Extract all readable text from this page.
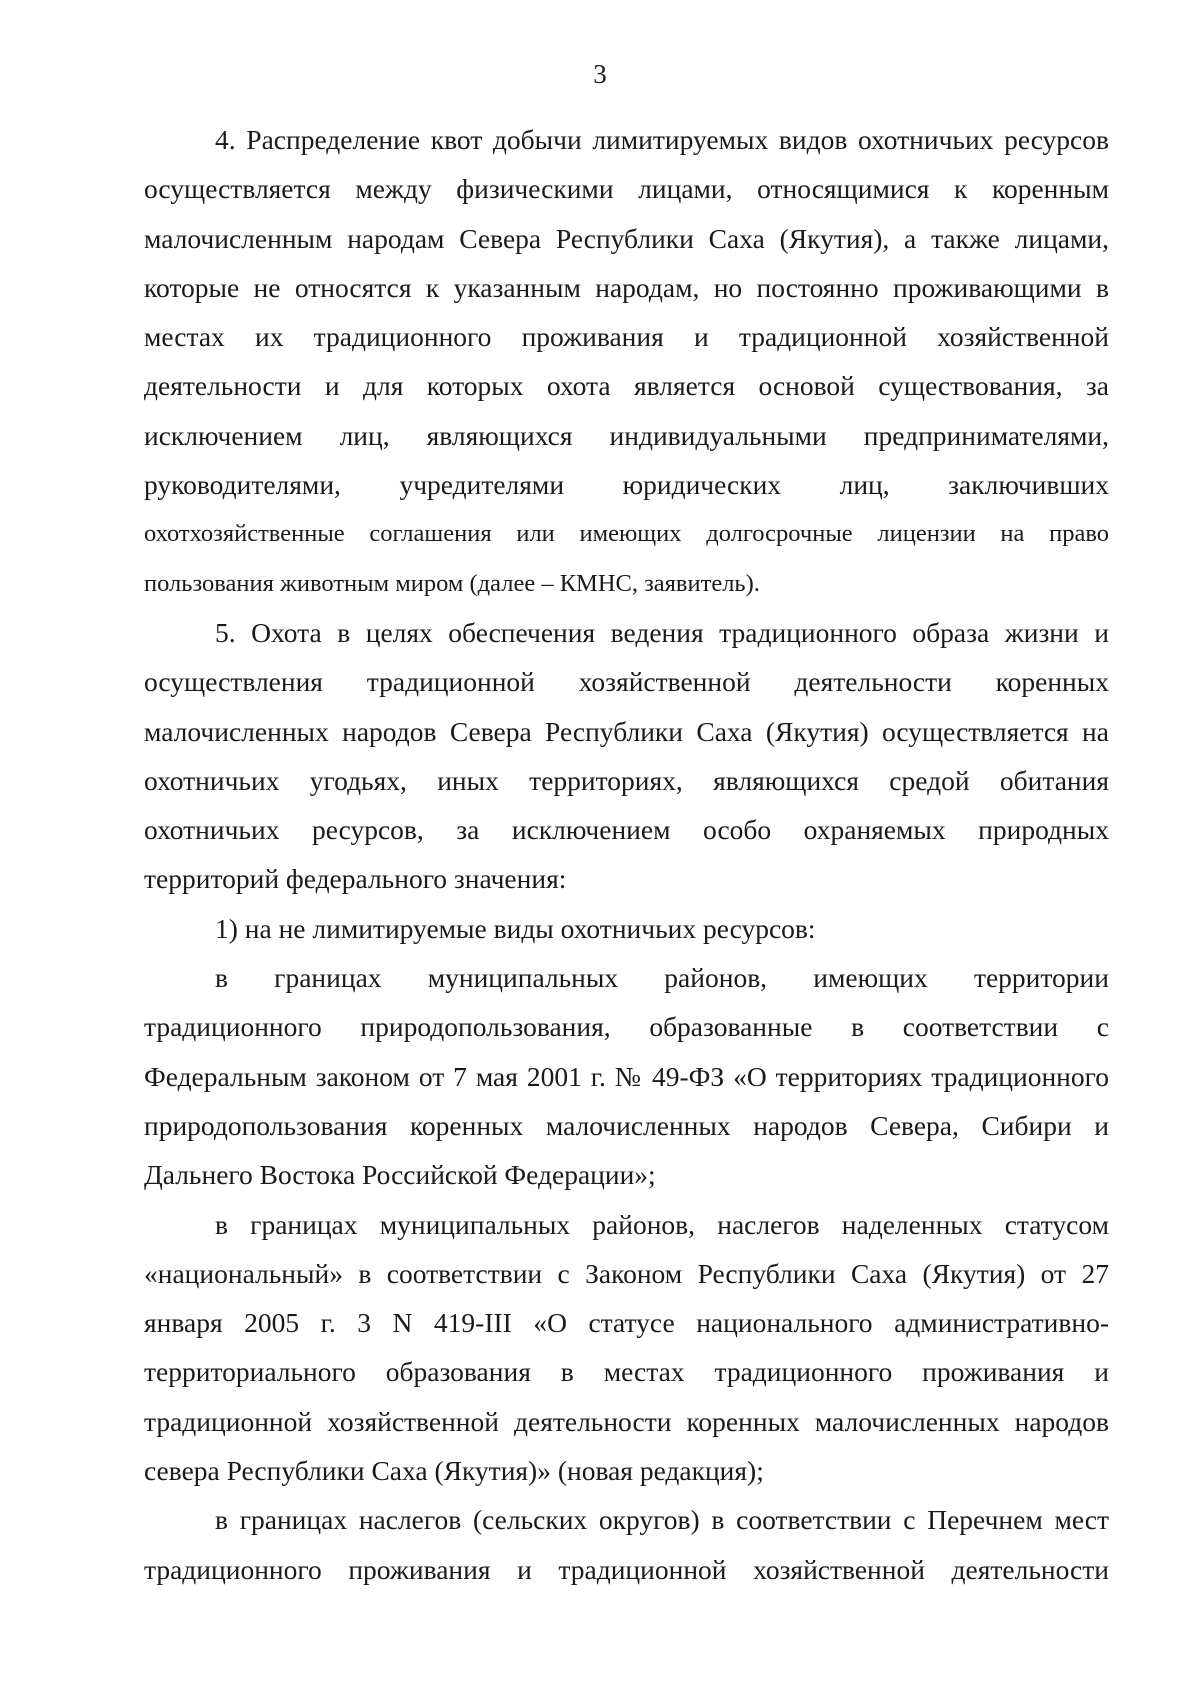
3
4. Распределение квот добычи лимитируемых видов охотничьих ресурсов
осуществляется между физическими лицами, относящимися к коренным
малочисленным народам Севера Республики Саха (Якутия), а также лицами,
которые не относятся к указанным народам, но постоянно проживающими в
местах их традиционного проживания и традиционной хозяйственной
деятельности и для которых охота является основой существования, за
исключением лиц, являющихся индивидуальными предпринимателями,
руководителями, учредителями юридических лиц, заключивших
охотхозяйственные соглашения или имеющих долгосрочные лицензии на право
пользования животным миром (далее – КМНС, заявитель).
5. Охота в целях обеспечения ведения традиционного образа жизни и
осуществления традиционной хозяйственной деятельности коренных
малочисленных народов Севера Республики Саха (Якутия) осуществляется на
охотничьих угодьях, иных территориях, являющихся средой обитания
охотничьих ресурсов, за исключением особо охраняемых природных
территорий федерального значения:
1) на не лимитируемые виды охотничьих ресурсов:
в границах муниципальных районов, имеющих территории
традиционного природопользования, образованные в соответствии с
Федеральным законом от 7 мая 2001 г. № 49-ФЗ «О территориях традиционного
природопользования коренных малочисленных народов Севера, Сибири и
Дальнего Востока Российской Федерации»;
в границах муниципальных районов, наслегов наделенных статусом
«национальный» в соответствии с Законом Республики Саха (Якутия) от 27
января 2005 г. 3 N 419-III «О статусе национального административно-
территориального образования в местах традиционного проживания и
традиционной хозяйственной деятельности коренных малочисленных народов
севера Республики Саха (Якутия)» (новая редакция);
в границах наслегов (сельских округов) в соответствии с Перечнем мест
традиционного проживания и традиционной хозяйственной деятельности
